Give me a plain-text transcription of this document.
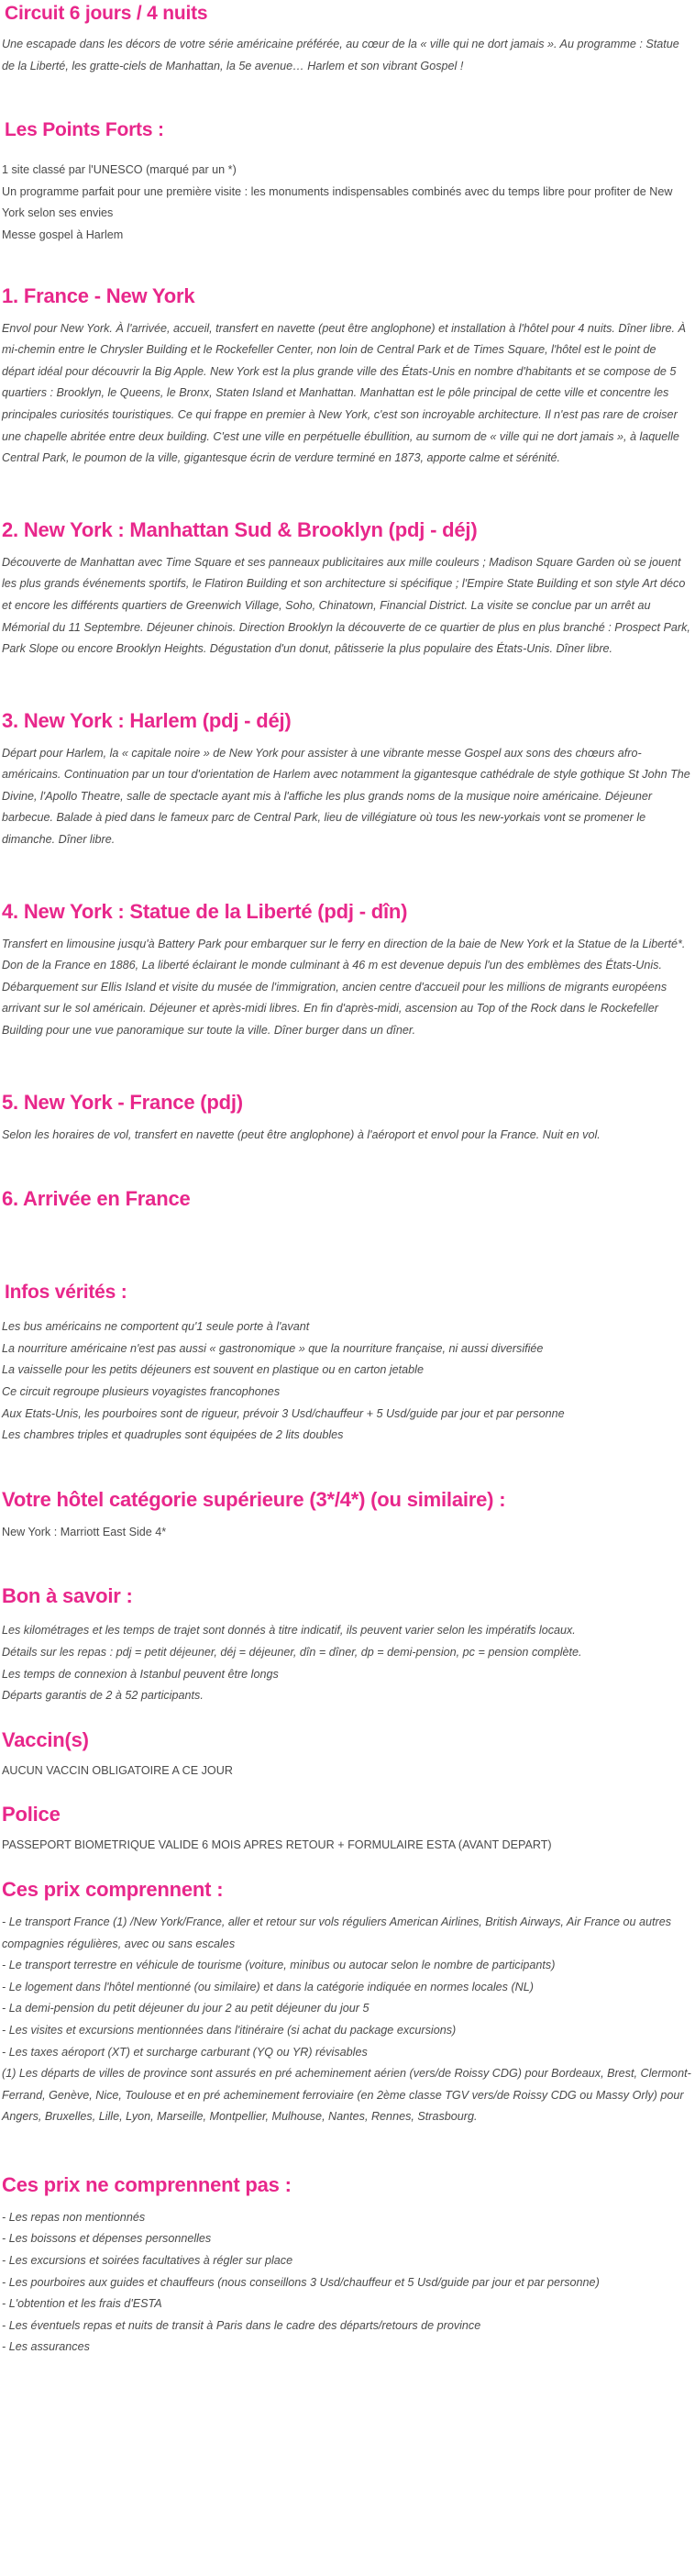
Circuit 6 jours / 4 nuits

Une escapade dans les décors de votre série américaine préférée, au cœur de la « ville qui ne dort jamais ». Au programme : Statue de la Liberté, les gratte-ciels de Manhattan, la 5e avenue… Harlem et son vibrant Gospel !

Les Points Forts :

1 site classé par l'UNESCO (marqué par un *)
Un programme parfait pour une première visite : les monuments indispensables combinés avec du temps libre pour profiter de New York selon ses envies
Messe gospel à Harlem

1. France - New York

Envol pour New York. À l'arrivée, accueil, transfert en navette (peut être anglophone) et installation à l'hôtel pour 4 nuits. Dîner libre. À mi-chemin entre le Chrysler Building et le Rockefeller Center, non loin de Central Park et de Times Square, l'hôtel est le point de départ idéal pour découvrir la Big Apple. New York est la plus grande ville des États-Unis en nombre d'habitants et se compose de 5 quartiers : Brooklyn, le Queens, le Bronx, Staten Island et Manhattan. Manhattan est le pôle principal de cette ville et concentre les principales curiosités touristiques. Ce qui frappe en premier à New York, c'est son incroyable architecture. Il n'est pas rare de croiser une chapelle abritée entre deux building. C'est une ville en perpétuelle ébullition, au surnom de « ville qui ne dort jamais », à laquelle Central Park, le poumon de la ville, gigantesque écrin de verdure terminé en 1873, apporte calme et sérénité.

2. New York : Manhattan Sud & Brooklyn (pdj - déj)

Découverte de Manhattan avec Time Square et ses panneaux publicitaires aux mille couleurs ; Madison Square Garden où se jouent les plus grands événements sportifs, le Flatiron Building et son architecture si spécifique ; l'Empire State Building et son style Art déco et encore les différents quartiers de Greenwich Village, Soho, Chinatown, Financial District. La visite se conclue par un arrêt au Mémorial du 11 Septembre. Déjeuner chinois. Direction Brooklyn la découverte de ce quartier de plus en plus branché : Prospect Park, Park Slope ou encore Brooklyn Heights. Dégustation d'un donut, pâtisserie la plus populaire des États-Unis. Dîner libre.

3. New York : Harlem (pdj - déj)

Départ pour Harlem, la « capitale noire » de New York pour assister à une vibrante messe Gospel aux sons des chœurs afro-américains. Continuation par un tour d'orientation de Harlem avec notamment la gigantesque cathédrale de style gothique St John The Divine, l'Apollo Theatre, salle de spectacle ayant mis à l'affiche les plus grands noms de la musique noire américaine. Déjeuner barbecue. Balade à pied dans le fameux parc de Central Park, lieu de villégiature où tous les new-yorkais vont se promener le dimanche. Dîner libre.

4. New York : Statue de la Liberté (pdj - dîn)

Transfert en limousine jusqu'à Battery Park pour embarquer sur le ferry en direction de la baie de New York et la Statue de la Liberté*. Don de la France en 1886, La liberté éclairant le monde culminant à 46 m est devenue depuis l'un des emblèmes des États-Unis. Débarquement sur Ellis Island et visite du musée de l'immigration, ancien centre d'accueil pour les millions de migrants européens arrivant sur le sol américain. Déjeuner et après-midi libres. En fin d'après-midi, ascension au Top of the Rock dans le Rockefeller Building pour une vue panoramique sur toute la ville. Dîner burger dans un dîner.

5. New York - France (pdj)

Selon les horaires de vol, transfert en navette (peut être anglophone) à l'aéroport et envol pour la France. Nuit en vol.

6. Arrivée en France
Infos vérités :

Les bus américains ne comportent qu'1 seule porte à l'avant
La nourriture américaine n'est pas aussi « gastronomique » que la nourriture française, ni aussi diversifiée
La vaisselle pour les petits déjeuners est souvent en plastique ou en carton jetable
Ce circuit regroupe plusieurs voyagistes francophones
Aux Etats-Unis, les pourboires sont de rigueur, prévoir 3 Usd/chauffeur + 5 Usd/guide par jour et par personne
Les chambres triples et quadruples sont équipées de 2 lits doubles

Votre hôtel catégorie supérieure (3*/4*) (ou similaire) :

New York : Marriott East Side 4*

Bon à savoir :

Les kilométrages et les temps de trajet sont donnés à titre indicatif, ils peuvent varier selon les impératifs locaux.
Détails sur les repas : pdj = petit déjeuner, déj = déjeuner, dîn = dîner, dp = demi-pension, pc = pension complète.
Les temps de connexion à Istanbul peuvent être longs
Départs garantis de 2 à 52 participants.

Vaccin(s)

AUCUN VACCIN OBLIGATOIRE A CE JOUR

Police

PASSEPORT BIOMETRIQUE VALIDE 6 MOIS APRES RETOUR + FORMULAIRE ESTA (AVANT DEPART)

Ces prix comprennent :

- Le transport France (1) /New York/France, aller et retour sur vols réguliers American Airlines, British Airways, Air France ou autres compagnies régulières, avec ou sans escales
- Le transport terrestre en véhicule de tourisme (voiture, minibus ou autocar selon le nombre de participants)
- Le logement dans l'hôtel mentionné (ou similaire) et dans la catégorie indiquée en normes locales (NL)
- La demi-pension du petit déjeuner du jour 2 au petit déjeuner du jour 5
- Les visites et excursions mentionnées dans l'itinéraire (si achat du package excursions)
- Les taxes aéroport (XT) et surcharge carburant (YQ ou YR) révisables
(1) Les départs de villes de province sont assurés en pré acheminement aérien (vers/de Roissy CDG) pour Bordeaux, Brest, Clermont-Ferrand, Genève, Nice, Toulouse et en pré acheminement ferroviaire (en 2ème classe TGV vers/de Roissy CDG ou Massy Orly) pour Angers, Bruxelles, Lille, Lyon, Marseille, Montpellier, Mulhouse, Nantes, Rennes, Strasbourg.

Ces prix ne comprennent pas :

- Les repas non mentionnés
- Les boissons et dépenses personnelles
- Les excursions et soirées facultatives à régler sur place
- Les pourboires aux guides et chauffeurs (nous conseillons 3 Usd/chauffeur et 5 Usd/guide par jour et par personne)
- L'obtention et les frais d'ESTA
- Les éventuels repas et nuits de transit à Paris dans le cadre des départs/retours de province
- Les assurances
